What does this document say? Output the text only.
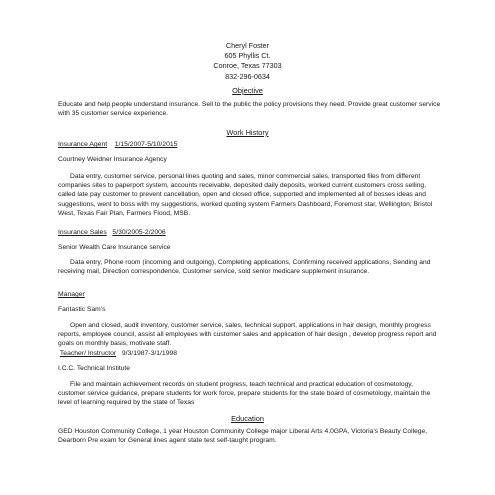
Cheryl Foster
605 Phyllis Ct.
Conroe, Texas 77303
832-296-0634
Objective
Educate and help people understand insurance. Sell to the public the policy provisions they need. Provide great customer service with 35 customer service experience.
Work History
Insurance Agent 1/15/2007-5/10/2015
Courtney Weidner Insurance Agency
Data entry, customer service, personal lines quoting and sales, minor commercial sales, transported files from different companies sites to paperport system, accounts receivable, deposited daily deposits, worked current customers cross selling, called late pay customer to prevent cancellation, open and closed office, supported and implemented all of bosses ideas and suggestions, went to boss with my suggestions, worked quoting system Farmers Dashboard, Foremost star, Wellington, Bristol West, Texas Fair Plan, Farmers Flood, MSB.
Insurance Sales 5/30/2005-2/2006
Senior Wealth Care Insurance service
Data entry, Phone room (incoming and outgoing), Completing applications, Confirming received applications, Sending and receiving mail, Direction correspondence, Customer service, sold senior medicare supplement insurance.
Manager
Fantastic Sam’s
Open and closed, audit inventory, customer service, sales, technical support, applications in hair design, monthly progress reports, employee council, assist all employees with customer sales and application of hair design , develop progress report and goals on monthly basis, motivate staff.
Teacher/ Instructor 9/3/1987-3/1/1998
I.C.C. Technical Institute
File and maintain achievement records on student progress, teach technical and practical education of cosmetology, customer service guidance, prepare students for work force, prepare students for the state board of cosmetology, maintain the level of learning required by the state of Texas
Education
GED Houston Community College, 1 year Houston Community College major Liberal Arts 4.0GPA, Victoria’s Beauty College, Dearborn Pre exam for General lines agent state test self-taught program.
